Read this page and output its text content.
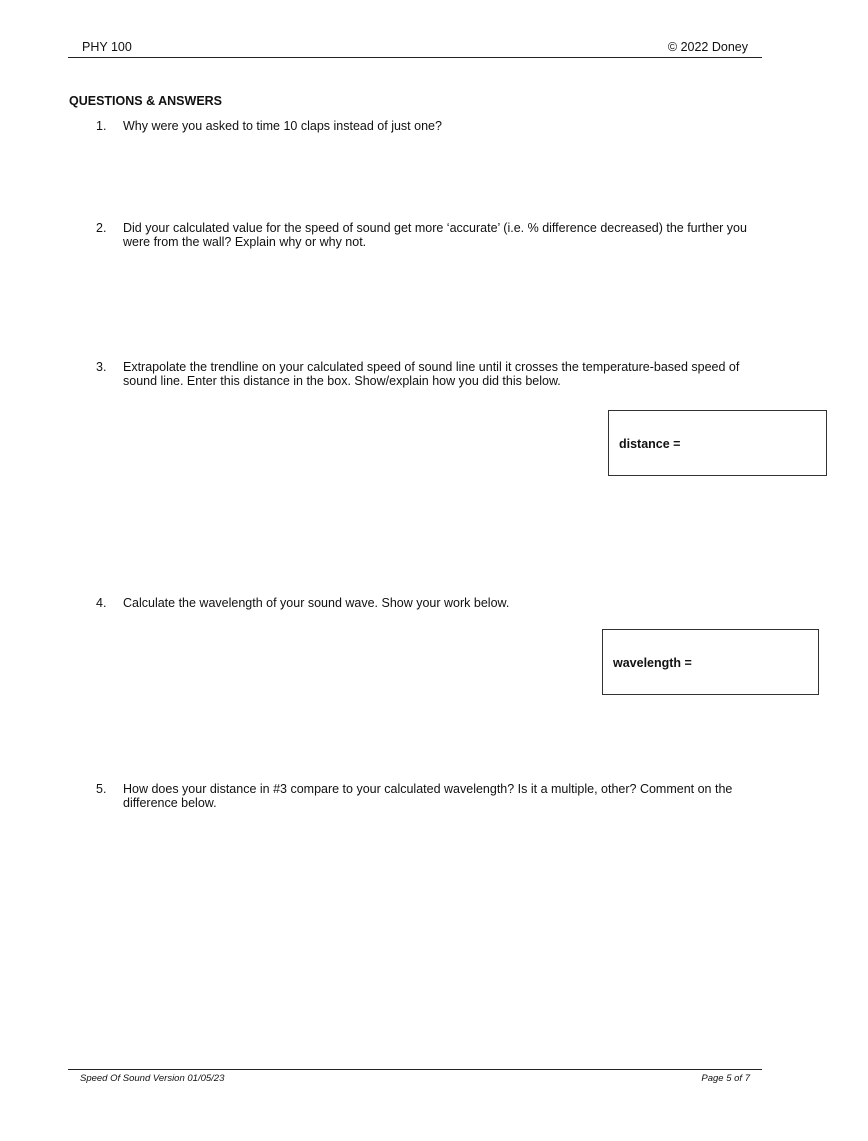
PHY 100	© 2022 Doney
QUESTIONS & ANSWERS
1. Why were you asked to time 10 claps instead of just one?
2. Did your calculated value for the speed of sound get more ‘accurate’ (i.e. % difference decreased) the further you were from the wall? Explain why or why not.
3. Extrapolate the trendline on your calculated speed of sound line until it crosses the temperature-based speed of sound line. Enter this distance in the box. Show/explain how you did this below.
distance =
4. Calculate the wavelength of your sound wave. Show your work below.
wavelength =
5. How does your distance in #3 compare to your calculated wavelength? Is it a multiple, other? Comment on the difference below.
Speed Of Sound Version 01/05/23	Page 5 of 7
